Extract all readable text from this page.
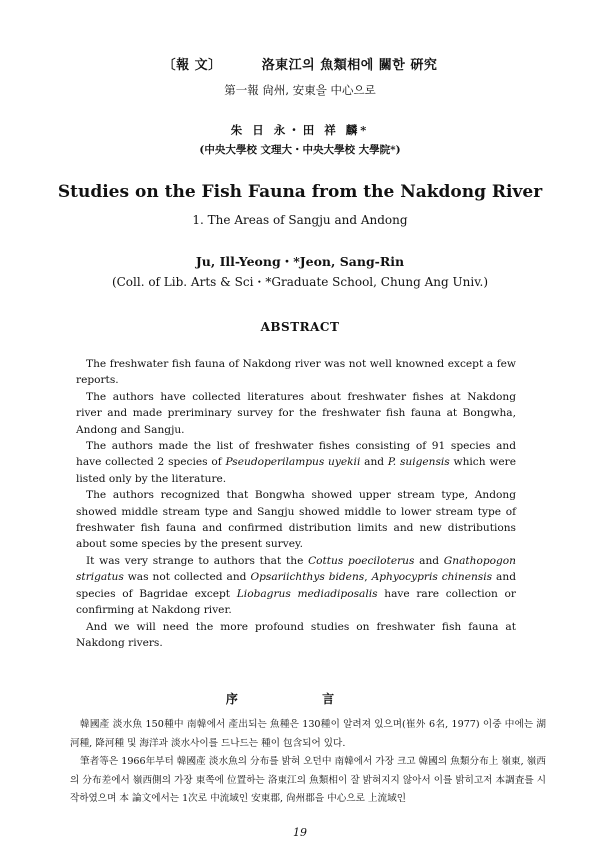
〔報 文〕	洛東江의 魚類相에 關한 硏究
第一報 尙州, 安東을 中心으로
朱 日 永・田 祥 麟*
(中央大學校 文理大・中央大學校 大學院*)
Studies on the Fish Fauna from the Nakdong River
1. The Areas of Sangju and Andong
Ju, Ill-Yeong・*Jeon, Sang-Rin
(Coll. of Lib. Arts & Sci・*Graduate School, Chung Ang Univ.)
ABSTRACT

The freshwater fish fauna of Nakdong river was not well knowned except a few reports.

The authors have collected literatures about freshwater fishes at Nakdong river and made preriminary survey for the freshwater fish fauna at Bongwha, Andong and Sangju.

The authors made the list of freshwater fishes consisting of 91 species and have collected 2 species of Pseudoperilampus uyekii and P. suigensis which were listed only by the literature.

The authors recognized that Bongwha showed upper stream type, Andong showed middle stream type and Sangju showed middle to lower stream type of freshwater fish fauna and confirmed distribution limits and new distributions about some species by the present survey.

It was very strange to authors that the Cottus poeciloterus and Gnathopogon strigatus was not collected and Opsariichthys bidens, Aphyocypris chinensis and species of Bagridae except Liobagrus mediadiposalis have rare collection or confirming at Nakdong river.

And we will need the more profound studies on freshwater fish fauna at Nakdong rivers.

序 言

韓國產 淡水魚 150種中 南韓에서 產出되는 魚種은 130種이 알려져 있으며(崔外 6名, 1977) 이중 中에는 湖河種, 降河種 및 海洋과 淡水사이를 드나드는 種이 包含되어 있다.

筆者等은 1966年부터 韓國產 淡水魚의 分布를 밝혀 오던中 南韓에서 가장 크고 韓國의 魚類分布上 嶺東, 嶺西의 分布差에서 嶺西側의 가장 東쪽에 位置하는 洛東江의 魚類相이 잘 밝혀지지 않아서 이를 밝히고저 本調査를 시작하였으며 本 論文에서는 1次로 中流域인 安東郡, 尙州郡을 中心으로 上流域인

19
